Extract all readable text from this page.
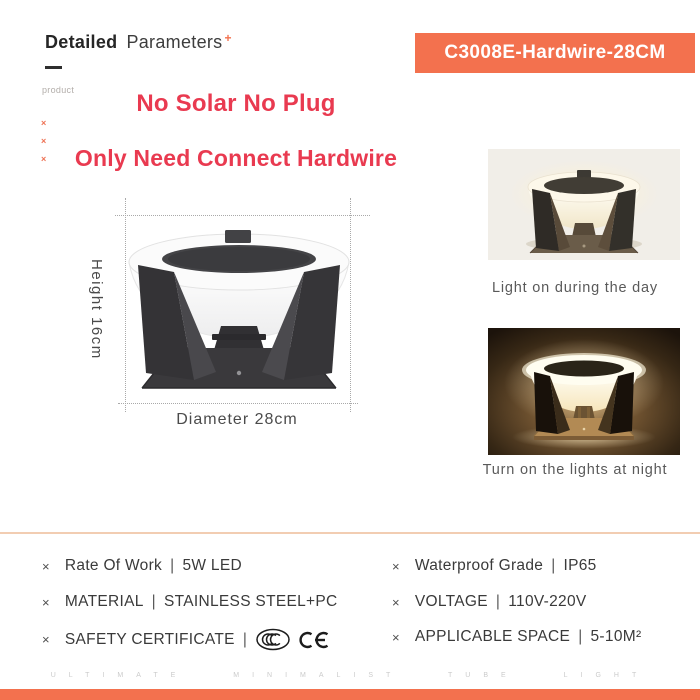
Detailed Parameters +
product
×
×
×
C3008E-Hardwire-28CM
No Solar No Plug
Only Need Connect Hardwire
Height 16cm
Diameter 28cm
Light on during the day
Turn on the lights at night
× Rate Of Work | 5W LED
× MATERIAL | STAINLESS STEEL+PC
× SAFETY CERTIFICATE |
× Waterproof Grade | IP65
× VOLTAGE | 110V-220V
× APPLICABLE SPACE | 5-10M²
ULTIMATE MINIMALIST TUBE LIGHT
